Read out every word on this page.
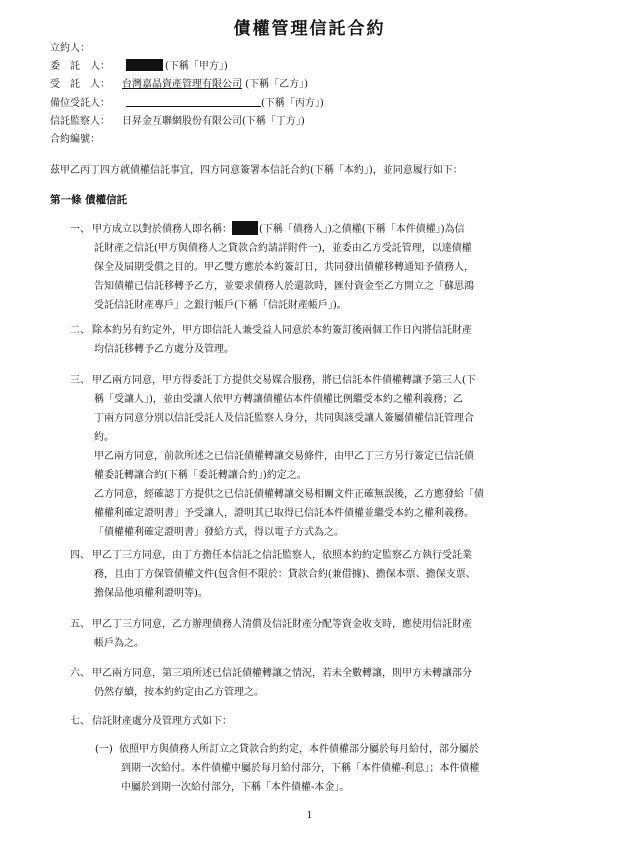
債權管理信託合約
立約人：
委　託　人：	(下稱「甲方」)
受　託　人： 台灣嘉晶資產管理有限公司 (下稱「乙方」)
備位受託人：	(下稱「丙方」)
信託監察人： 日昇金互聯網股份有限公司(下稱「丁方」)
合約編號：
茲甲乙丙丁四方就債權信託事宜，四方同意簽署本信託合約(下稱「本約」)，並同意履行如下：
第一條 債權信託
一、 甲方成立以對於債務人即名稱：	(下稱「債務人」)之債權(下稱「本件債權」)為信
託財產之信託(甲方與債務人之貸款合約請詳附件一)，並委由乙方受託管理，以達債權
保全及屆期受償之目的。甲乙雙方應於本約簽訂日，共同發出債權移轉通知予債務人，
告知債權已信託移轉予乙方，並要求債務人於還款時，匯付資金至乙方開立之「蘇思鴻
受託信託財產專戶」之銀行帳戶(下稱「信託財產帳戶」)。
二、 除本約另有約定外，甲方即信託人兼受益人同意於本約簽訂後兩個工作日內將信託財產
均信託移轉予乙方處分及管理。
三、 甲乙兩方同意，甲方得委託丁方提供交易媒合服務，將已信託本件債權轉讓予第三人(下
稱「受讓人」)，並由受讓人依甲方轉讓債權佔本件債權比例繼受本約之權利義務；乙
丁兩方同意分別以信託受託人及信託監察人身分，共同與該受讓人簽屬債權信託管理合
約。
甲乙兩方同意，前款所述之已信託債權轉讓交易條件，由甲乙丁三方另行簽定已信託債
權委託轉讓合約(下稱「委託轉讓合約」)約定之。
乙方同意，經確認丁方提供之已信託債權轉讓交易相關文件正確無誤後，乙方應發給「債
權權利確定證明書」予受讓人，證明其已取得已信託本件債權並繼受本約之權利義務。
「債權權利確定證明書」發給方式，得以電子方式為之。
四、 甲乙丁三方同意，由丁方擔任本信託之信託監察人，依照本約約定監察乙方執行受託業
務，且由丁方保管債權文件(包含但不限於：貸款合約(兼借據)、擔保本票、擔保支票、
擔保品他項權利證明等)。
五、 甲乙丁三方同意，乙方辦理債務人清償及信託財產分配等資金收支時，應使用信託財產
帳戶為之。
六、 甲乙兩方同意，第三項所述已信託債權轉讓之情況，若未全數轉讓，則甲方未轉讓部分
仍然存續，按本約約定由乙方管理之。
七、 信託財產處分及管理方式如下：
(一) 依照甲方與債務人所訂立之貸款合約約定，本件債權部分屬於每月給付，部分屬於
到期一次給付。本件債權中屬於每月給付部分，下稱「本件債權-利息」；本件債權
中屬於到期一次給付部分，下稱「本件債權-本金」。
1
